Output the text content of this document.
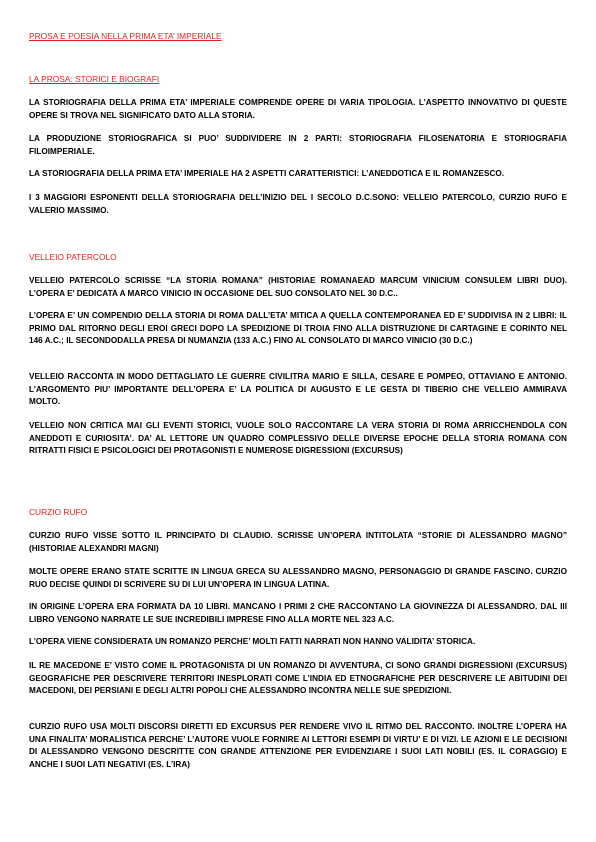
PROSA E POESIA NELLA PRIMA ETA’ IMPERIALE
LA PROSA: STORICI E BIOGRAFI

LA STORIOGRAFIA DELLA PRIMA ETA’ IMPERIALE COMPRENDE OPERE DI VARIA TIPOLOGIA. L’ASPETTO INNOVATIVO DI QUESTE OPERE SI TROVA NEL SIGNIFICATO DATO ALLA STORIA.

LA PRODUZIONE STORIOGRAFICA SI PUO’ SUDDIVIDERE IN 2 PARTI: STORIOGRAFIA FILOSENATORIA E STORIOGRAFIA FILOIMPERIALE.

LA STORIOGRAFIA DELLA PRIMA ETA’ IMPERIALE HA 2 ASPETTI CARATTERISTICI: L’ANEDDOTICA E IL ROMANZESCO.

I 3 MAGGIORI ESPONENTI DELLA STORIOGRAFIA DELL’INIZIO DEL I SECOLO D.C.SONO: VELLEIO PATERCOLO, CURZIO RUFO E VALERIO MASSIMO.

VELLEIO PATERCOLO

VELLEIO PATERCOLO SCRISSE “LA STORIA ROMANA” (HISTORIAE ROMANAEAD MARCUM VINICIUM CONSULEM LIBRI DUO). L’OPERA E’ DEDICATA A MARCO VINICIO IN OCCASIONE DEL SUO CONSOLATO NEL 30 D.C..

L’OPERA E’ UN COMPENDIO DELLA STORIA DI ROMA DALL’ETA’ MITICA A QUELLA CONTEMPORANEA ED E’ SUDDIVISA IN 2 LIBRI: IL PRIMO DAL RITORNO DEGLI EROI GRECI DOPO LA SPEDIZIONE DI TROIA FINO ALLA DISTRUZIONE DI CARTAGINE E CORINTO NEL 146 A.C.; IL SECONDODALLA PRESA DI NUMANZIA (133 A.C.) FINO AL CONSOLATO DI MARCO VINICIO (30 D.C.)

VELLEIO RACCONTA IN MODO DETTAGLIATO LE GUERRE CIVILITRA MARIO E SILLA, CESARE E POMPEO, OTTAVIANO E ANTONIO. L’ARGOMENTO PIU’ IMPORTANTE DELL’OPERA E’ LA POLITICA DI AUGUSTO E LE GESTA DI TIBERIO CHE VELLEIO AMMIRAVA MOLTO.

VELLEIO NON CRITICA MAI GLI EVENTI STORICI, VUOLE SOLO RACCONTARE LA VERA STORIA DI ROMA ARRICCHENDOLA CON ANEDDOTI E CURIOSITA’. DA’ AL LETTORE UN QUADRO COMPLESSIVO DELLE DIVERSE EPOCHE DELLA STORIA ROMANA CON RITRATTI FISICI E PSICOLOGICI DEI PROTAGONISTI E NUMEROSE DIGRESSIONI (EXCURSUS)

CURZIO RUFO

CURZIO RUFO VISSE SOTTO IL PRINCIPATO DI CLAUDIO. SCRISSE UN’OPERA INTITOLATA “STORIE DI ALESSANDRO MAGNO” (HISTORIAE ALEXANDRI MAGNI)

MOLTE OPERE ERANO STATE SCRITTE IN LINGUA GRECA SU ALESSANDRO MAGNO, PERSONAGGIO DI GRANDE FASCINO. CURZIO RUO DECISE QUINDI DI SCRIVERE SU DI LUI UN’OPERA IN LINGUA LATINA.

IN ORIGINE L’OPERA ERA FORMATA DA 10 LIBRI. MANCANO I PRIMI 2 CHE RACCONTANO LA GIOVINEZZA DI ALESSANDRO. DAL III LIBRO VENGONO NARRATE LE SUE INCREDIBILI IMPRESE FINO ALLA MORTE NEL 323 A.C.

L’OPERA VIENE CONSIDERATA UN ROMANZO PERCHE’ MOLTI FATTI NARRATI NON HANNO VALIDITA’ STORICA.

IL RE MACEDONE E’ VISTO COME IL PROTAGONISTA DI UN ROMANZO DI AVVENTURA, CI SONO GRANDI DIGRESSIONI (EXCURSUS) GEOGRAFICHE PER DESCRIVERE TERRITORI INESPLORATI COME L’INDIA ED ETNOGRAFICHE PER DESCRIVERE LE ABITUDINI DEI MACEDONI, DEI PERSIANI E DEGLI ALTRI POPOLI CHE ALESSANDRO INCONTRA NELLE SUE SPEDIZIONI.

CURZIO RUFO USA MOLTI DISCORSI DIRETTI ED EXCURSUS PER RENDERE VIVO IL RITMO DEL RACCONTO. INOLTRE L’OPERA HA UNA FINALITA’ MORALISTICA PERCHE’ L’AUTORE VUOLE FORNIRE AI LETTORI ESEMPI DI VIRTU’ E DI VIZI. LE AZIONI E LE DECISIONI DI ALESSANDRO VENGONO DESCRITTE CON GRANDE ATTENZIONE PER EVIDENZIARE I SUOI LATI NOBILI (ES. IL CORAGGIO) E ANCHE I SUOI LATI NEGATIVI (ES. L’IRA)
